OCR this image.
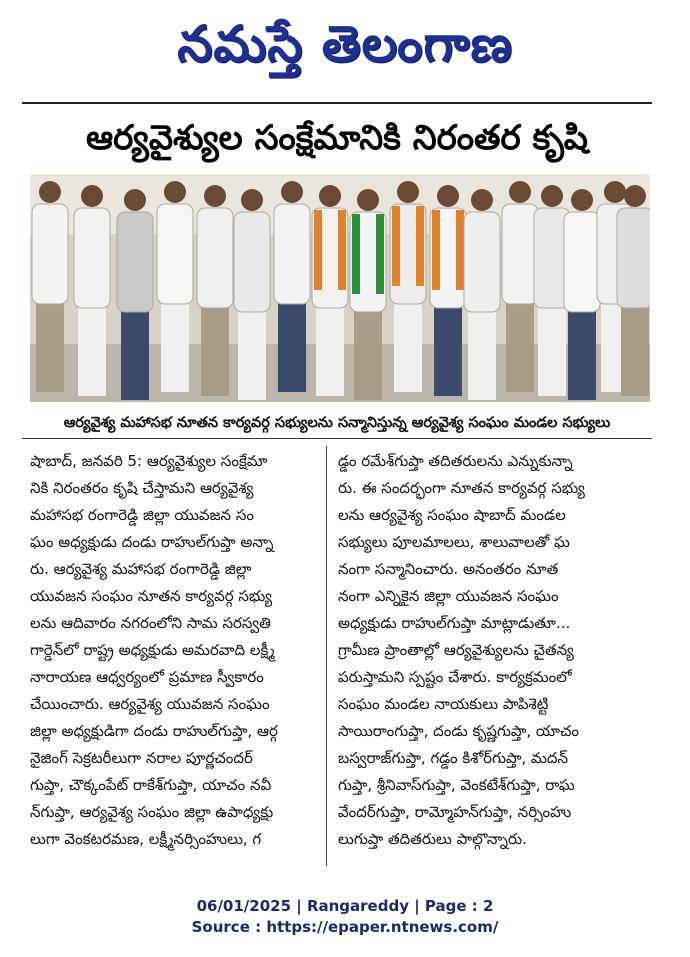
నమస్తే తెలంగాణ
ఆర్యవైశ్యుల సంక్షేమానికి నిరంతర కృషి
ఆర్యవైశ్య మహాసభ నూతన కార్యవర్గ సభ్యులను సన్మానిస్తున్న ఆర్యవైశ్య సంఘం మండల సభ్యులు

షాబాద్, జనవరి 5: ఆర్యవైశ్యుల సంక్షేమా

నికి నిరంతరం కృషి చేస్తామని ఆర్యవైశ్య

మహాసభ రంగారెడ్డి జిల్లా యువజన సం

ఘం అధ్యక్షుడు దండు రాహుల్‌గుప్తా అన్నా

రు. ఆర్యవైశ్య మహాసభ రంగారెడ్డి జిల్లా

యువజన సంఘం నూతన కార్యవర్గ సభ్యు

లను ఆదివారం నగరంలోని సామ సరస్వతి

గార్డెన్‌లో రాష్ట్ర అధ్యక్షుడు అమరవాది లక్ష్మీ

నారాయణ ఆధ్వర్యంలో ప్రమాణ స్వీకారం

చేయించారు. ఆర్యవైశ్య యువజన సంఘం

జిల్లా అధ్యక్షుడిగా దండు రాహుల్‌గుప్తా, ఆర్గ

నైజింగ్ సెక్రటరీలుగా నరాల పూర్ణచందర్

గుప్తా, చౌక్కంపేట్ రాకేశ్‌గుప్తా, యాచం నవీ

న్‌గుప్తా, ఆర్యవైశ్య సంఘం జిల్లా ఉపాధ్యక్షు

లుగా వెంకటరమణ, లక్ష్మీనర్సింహులు, గ

డ్డం రమేశ్‌గుప్తా తదితరులను ఎన్నుకున్నా

రు. ఈ సందర్భంగా నూతన కార్యవర్గ సభ్యు

లను ఆర్యవైశ్య సంఘం షాబాద్ మండల

సభ్యులు పూలమాలలు, శాలువాలతో ఘ

నంగా సన్మానించారు. అనంతరం నూత

నంగా ఎన్నికైన జిల్లా యువజన సంఘం

అధ్యక్షుడు రాహుల్‌గుప్తా మాట్లాడుతూ...

గ్రామీణ ప్రాంతాల్లో ఆర్యవైశ్యులను చైతన్య

పరుస్తామని స్పష్టం చేశారు. కార్యక్రమంలో

సంఘం మండల నాయకులు పాపిశెట్టి

సాయిరాంగుప్తా, దండు కృష్ణగుప్తా, యాచం

బస్వరాజ్‌గుప్తా, గడ్డం కిశోర్‌గుప్తా, మదన్

గుప్తా, శ్రీనివాస్‌గుప్తా, వెంకటేశ్‌గుప్తా, రాఘ

వేందర్‌గుప్తా, రామ్మోహన్‌గుప్తా, నర్సింహు

లుగుప్తా తదితరులు పాల్గొన్నారు.

06/01/2025 | Rangareddy | Page : 2
Source : https://epaper.ntnews.com/
